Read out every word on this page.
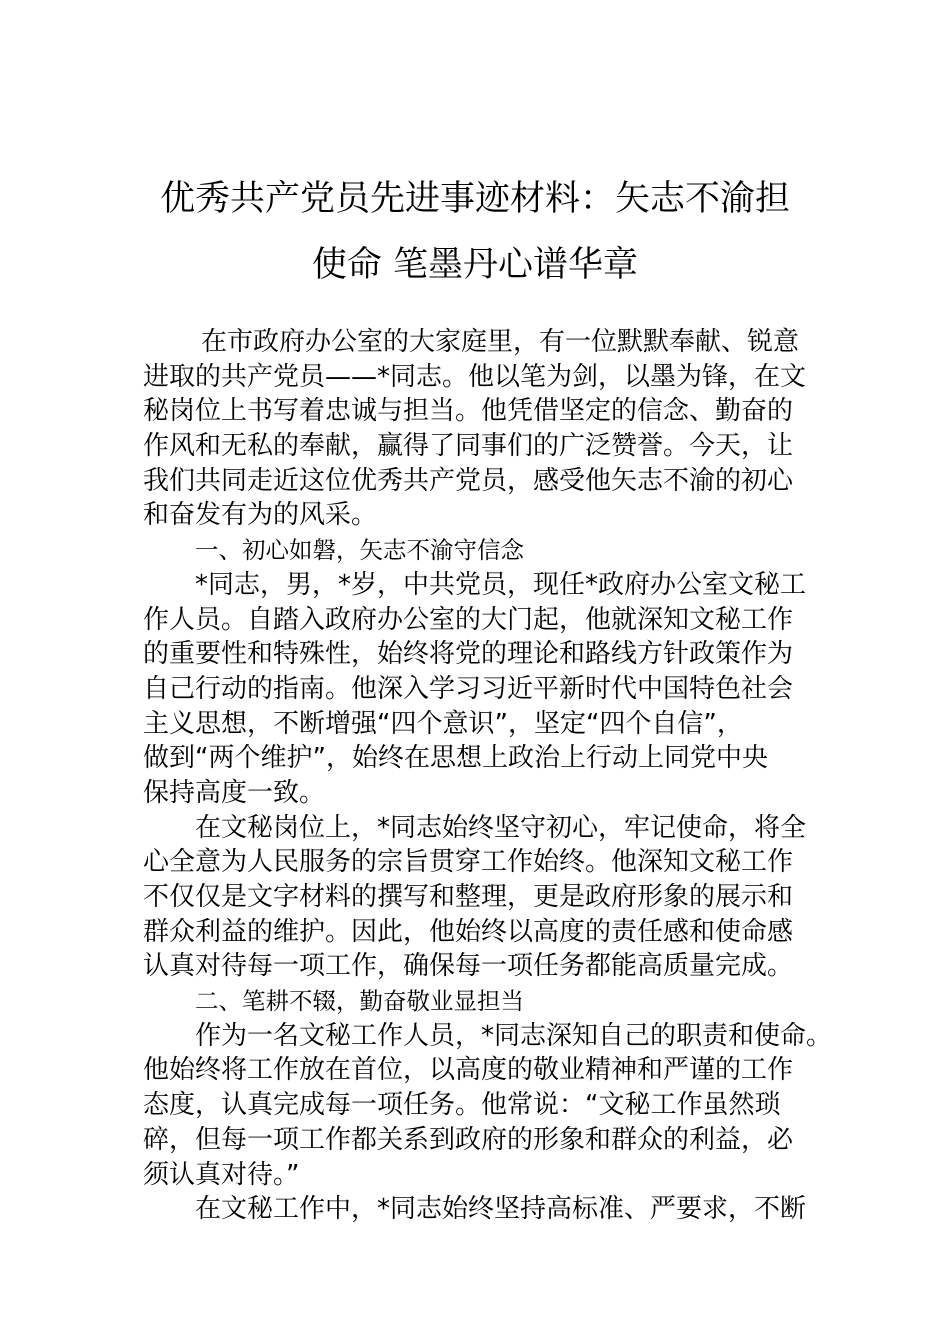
优秀共产党员先进事迹材料：矢志不渝担
使命 笔墨丹心谱华章
在市政府办公室的大家庭里，有一位默默奉献、锐意
进取的共产党员——*同志。他以笔为剑，以墨为锋，在文
秘岗位上书写着忠诚与担当。他凭借坚定的信念、勤奋的
作风和无私的奉献，赢得了同事们的广泛赞誉。今天，让
我们共同走近这位优秀共产党员，感受他矢志不渝的初心
和奋发有为的风采。
一、初心如磐，矢志不渝守信念
*同志，男，*岁，中共党员，现任*政府办公室文秘工
作人员。自踏入政府办公室的大门起，他就深知文秘工作
的重要性和特殊性，始终将党的理论和路线方针政策作为
自己行动的指南。他深入学习习近平新时代中国特色社会
主义思想，不断增强“四个意识”，坚定“四个自信”，
做到“两个维护”，始终在思想上政治上行动上同党中央
保持高度一致。
在文秘岗位上，*同志始终坚守初心，牢记使命，将全
心全意为人民服务的宗旨贯穿工作始终。他深知文秘工作
不仅仅是文字材料的撰写和整理，更是政府形象的展示和
群众利益的维护。因此，他始终以高度的责任感和使命感
认真对待每一项工作，确保每一项任务都能高质量完成。
二、笔耕不辍，勤奋敬业显担当
作为一名文秘工作人员，*同志深知自己的职责和使命。
他始终将工作放在首位，以高度的敬业精神和严谨的工作
态度，认真完成每一项任务。他常说：“文秘工作虽然琐
碎，但每一项工作都关系到政府的形象和群众的利益，必
须认真对待。”
在文秘工作中，*同志始终坚持高标准、严要求，不断
